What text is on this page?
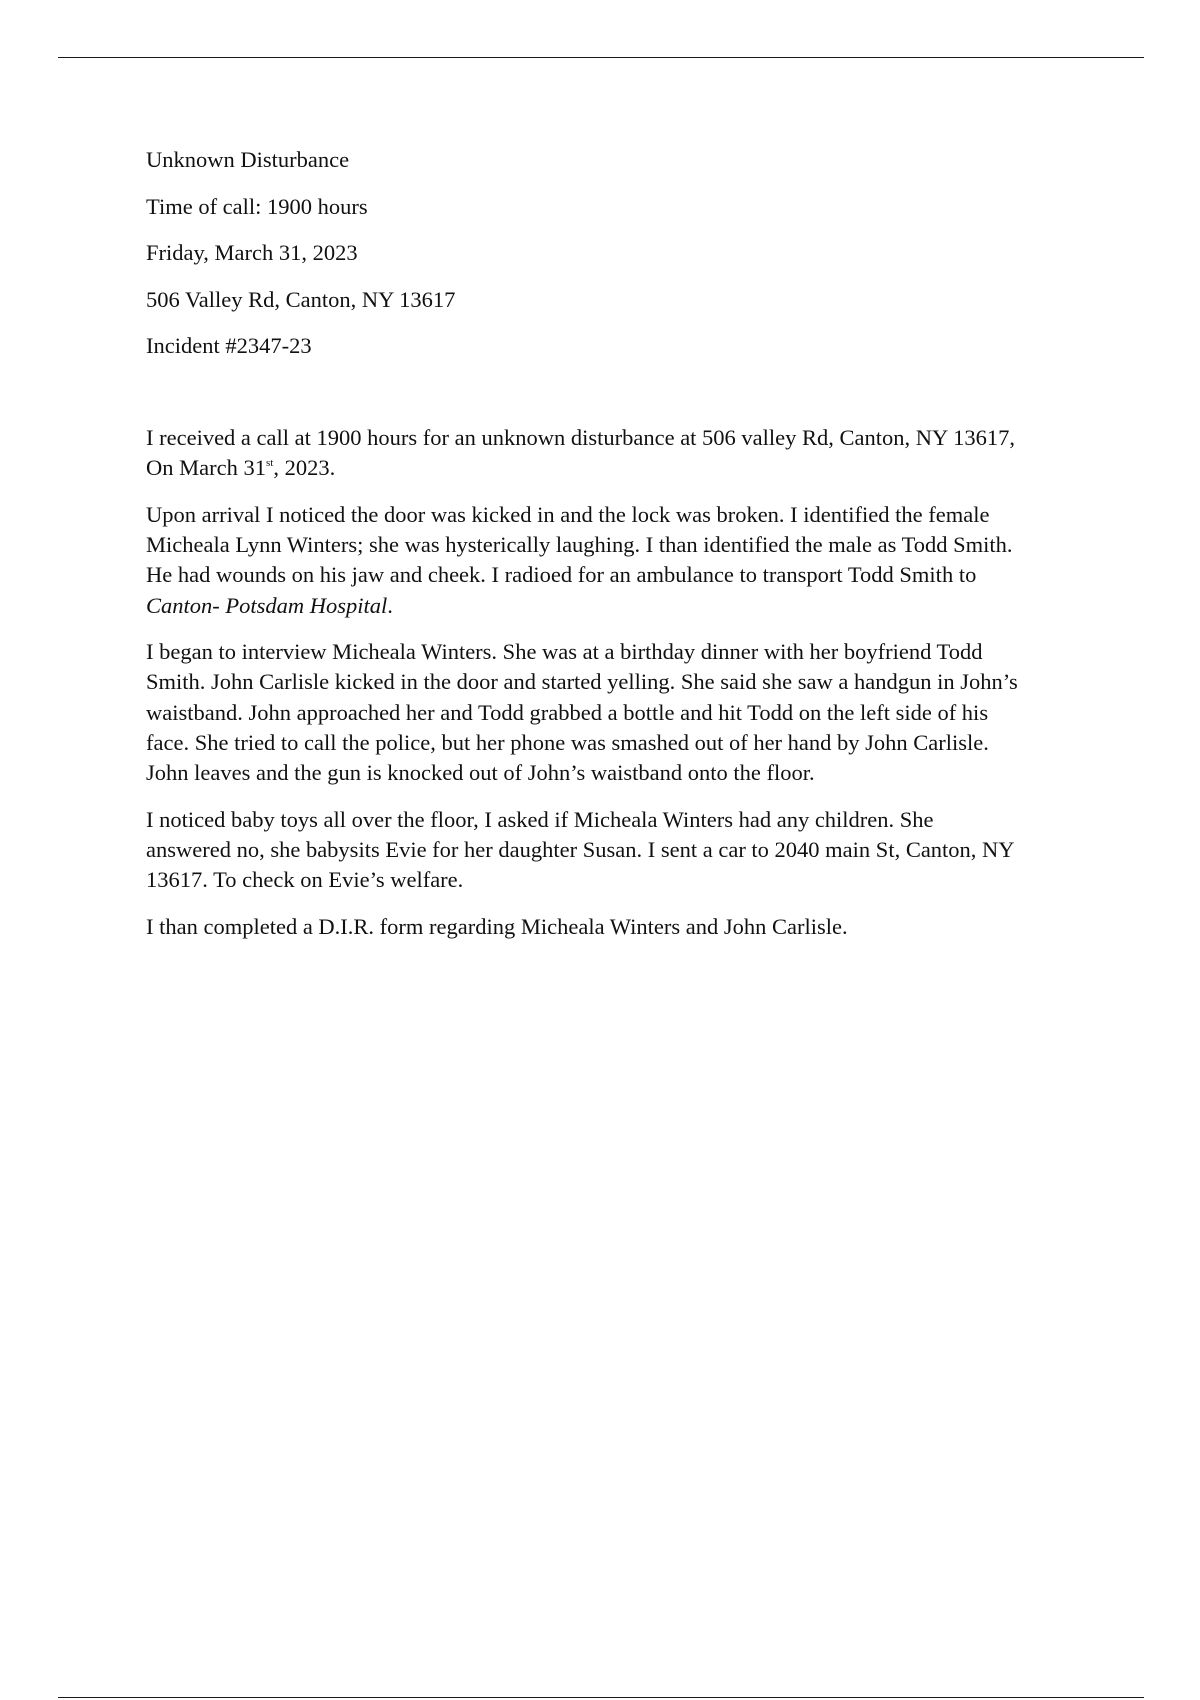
Unknown Disturbance
Time of call: 1900 hours
Friday, March 31, 2023
506 Valley Rd, Canton, NY 13617
Incident #2347-23

I received a call at 1900 hours for an unknown disturbance at 506 valley Rd, Canton, NY 13617,
On March 31st, 2023.

Upon arrival I noticed the door was kicked in and the lock was broken. I identified the female
Micheala Lynn Winters; she was hysterically laughing. I than identified the male as Todd Smith.
He had wounds on his jaw and cheek. I radioed for an ambulance to transport Todd Smith to
Canton- Potsdam Hospital.

I began to interview Micheala Winters. She was at a birthday dinner with her boyfriend Todd
Smith. John Carlisle kicked in the door and started yelling. She said she saw a handgun in John’s
waistband. John approached her and Todd grabbed a bottle and hit Todd on the left side of his
face. She tried to call the police, but her phone was smashed out of her hand by John Carlisle.
John leaves and the gun is knocked out of John’s waistband onto the floor.

I noticed baby toys all over the floor, I asked if Micheala Winters had any children. She
answered no, she babysits Evie for her daughter Susan. I sent a car to 2040 main St, Canton, NY
13617. To check on Evie’s welfare.

I than completed a D.I.R. form regarding Micheala Winters and John Carlisle.
